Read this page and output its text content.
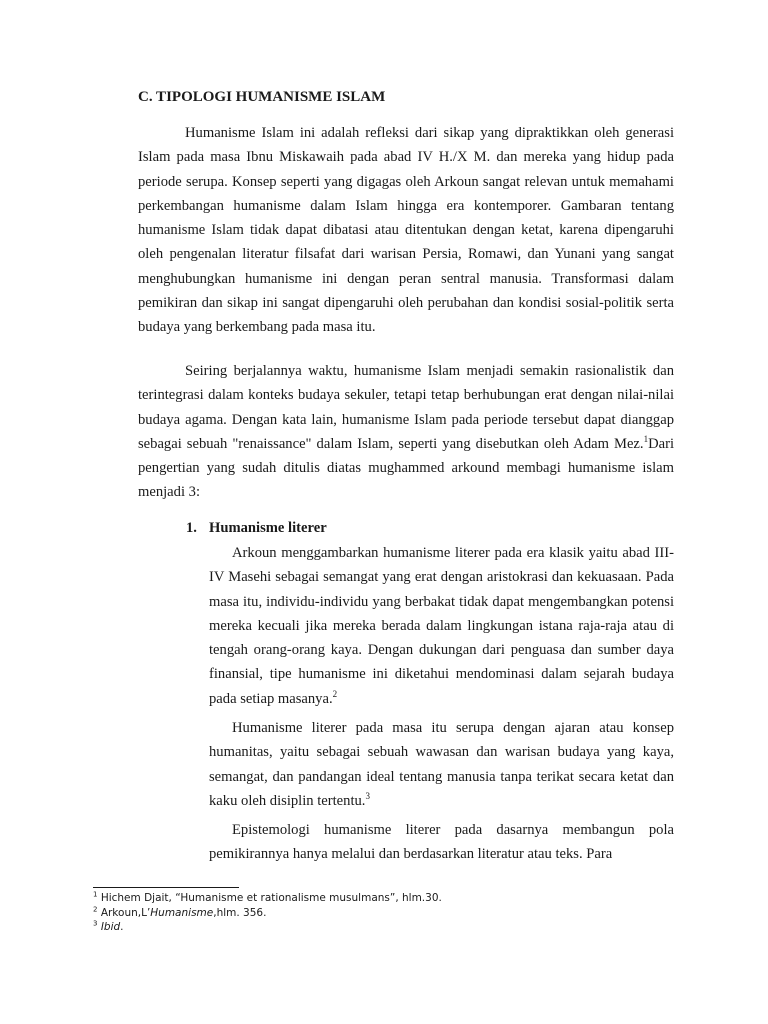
C. TIPOLOGI HUMANISME ISLAM

Humanisme Islam ini adalah refleksi dari sikap yang dipraktikkan oleh generasi Islam pada masa Ibnu Miskawaih pada abad IV H./X M. dan mereka yang hidup pada periode serupa. Konsep seperti yang digagas oleh Arkoun sangat relevan untuk memahami perkembangan humanisme dalam Islam hingga era kontemporer. Gambaran tentang humanisme Islam tidak dapat dibatasi atau ditentukan dengan ketat, karena dipengaruhi oleh pengenalan literatur filsafat dari warisan Persia, Romawi, dan Yunani yang sangat menghubungkan humanisme ini dengan peran sentral manusia. Transformasi dalam pemikiran dan sikap ini sangat dipengaruhi oleh perubahan dan kondisi sosial-politik serta budaya yang berkembang pada masa itu.

Seiring berjalannya waktu, humanisme Islam menjadi semakin rasionalistik dan terintegrasi dalam konteks budaya sekuler, tetapi tetap berhubungan erat dengan nilai-nilai budaya agama. Dengan kata lain, humanisme Islam pada periode tersebut dapat dianggap sebagai sebuah "renaissance" dalam Islam, seperti yang disebutkan oleh Adam Mez.$^1$Dari pengertian yang sudah ditulis diatas mughammed arkound membagi humanisme islam menjadi 3:

1. Humanisme literer

Arkoun menggambarkan humanisme literer pada era klasik yaitu abad III-IV Masehi sebagai semangat yang erat dengan aristokrasi dan kekuasaan. Pada masa itu, individu-individu yang berbakat tidak dapat mengembangkan potensi mereka kecuali jika mereka berada dalam lingkungan istana raja-raja atau di tengah orang-orang kaya. Dengan dukungan dari penguasa dan sumber daya finansial, tipe humanisme ini diketahui mendominasi dalam sejarah budaya pada setiap masanya.$^2$

Humanisme literer pada masa itu serupa dengan ajaran atau konsep humanitas, yaitu sebagai sebuah wawasan dan warisan budaya yang kaya, semangat, dan pandangan ideal tentang manusia tanpa terikat secara ketat dan kaku oleh disiplin tertentu.$^3$

Epistemologi humanisme literer pada dasarnya membangun pola pemikirannya hanya melalui dan berdasarkan literatur atau teks. Para

$^1$ Hichem Djait, “Humanisme et rationalisme musulmans”, hlm.30.
$^2$ Arkoun,L’Humanisme,hlm. 356.
$^3$ Ibid.
